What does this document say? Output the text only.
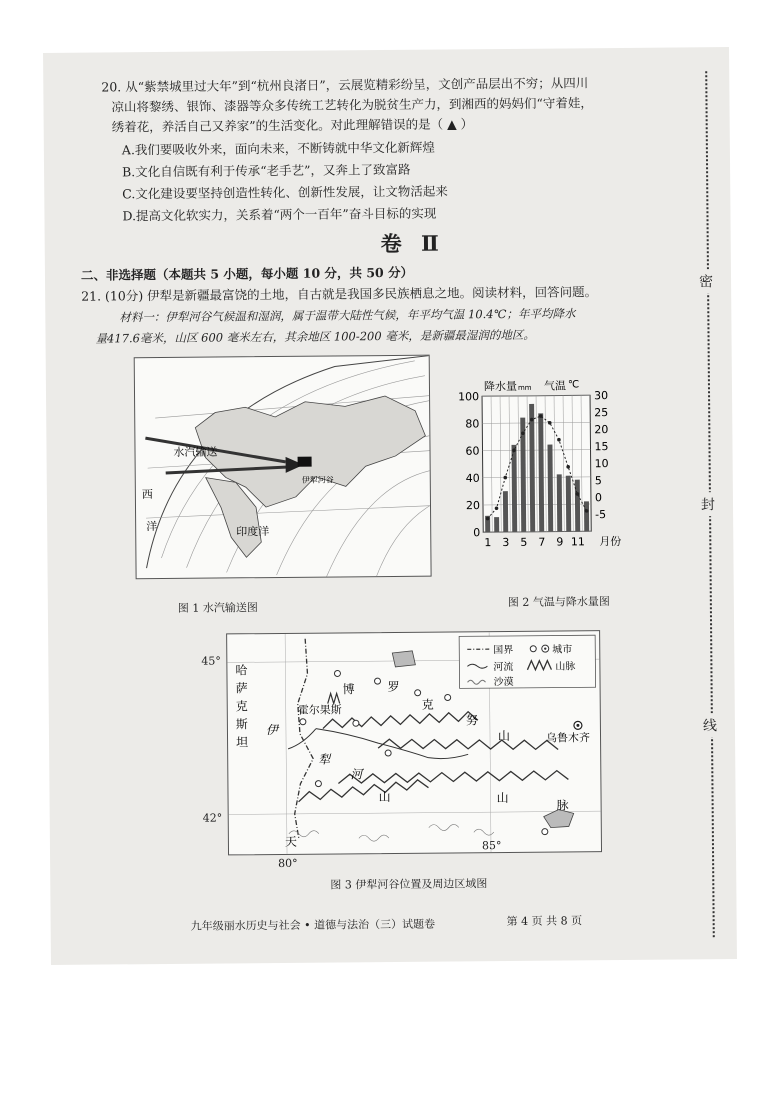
20. 从“紫禁城里过大年”到“杭州良渚日”，云展览精彩纷呈，文创产品层出不穷；从四川
凉山将黎绣、银饰、漆器等众多传统工艺转化为脱贫生产力，到湘西的妈妈们“守着娃，
绣着花，养活自己又养家”的生活变化。对此理解错误的是（ ▲ ）
A.我们要吸收外来，面向未来，不断铸就中华文化新辉煌
B.文化自信既有利于传承“老手艺”，又奔上了致富路
C.文化建设要坚持创造性转化、创新性发展，让文物活起来
D.提高文化软实力，关系着“两个一百年”奋斗目标的实现
卷 Ⅱ
二、非选择题（本题共 5 小题，每小题 10 分，共 50 分）
21. (10分) 伊犁是新疆最富饶的土地，自古就是我国多民族栖息之地。阅读材料，回答问题。
材料一：伊犁河谷气候温和湿润，属于温带大陆性气候，年平均气温 10.4℃；年平均降水
量417.6毫米，山区 600 毫米左右，其余地区 100-200 毫米，是新疆最湿润的地区。
水汽输送
伊犁河谷
西
洋	印度洋
图 1 水汽输送图
0
20
40
60
80
100
-5
0
5
10
15
20
25
30
1 3 5 7 9 11 月份
降水量 mm 气温 ℃
图 2 气温与降水量图
国界	城市
河流	山脉
沙漠
哈
萨
克
斯
坦
伊
犁
河
博
霍尔果斯
罗
克
努
山
天
山	山
脉
乌鲁木齐
45°
42°
80°
85°
图 3 伊犁河谷位置及周边区域图
密
封
线
九年级丽水历史与社会 • 道德与法治（三）试题卷	第 4 页 共 8 页
